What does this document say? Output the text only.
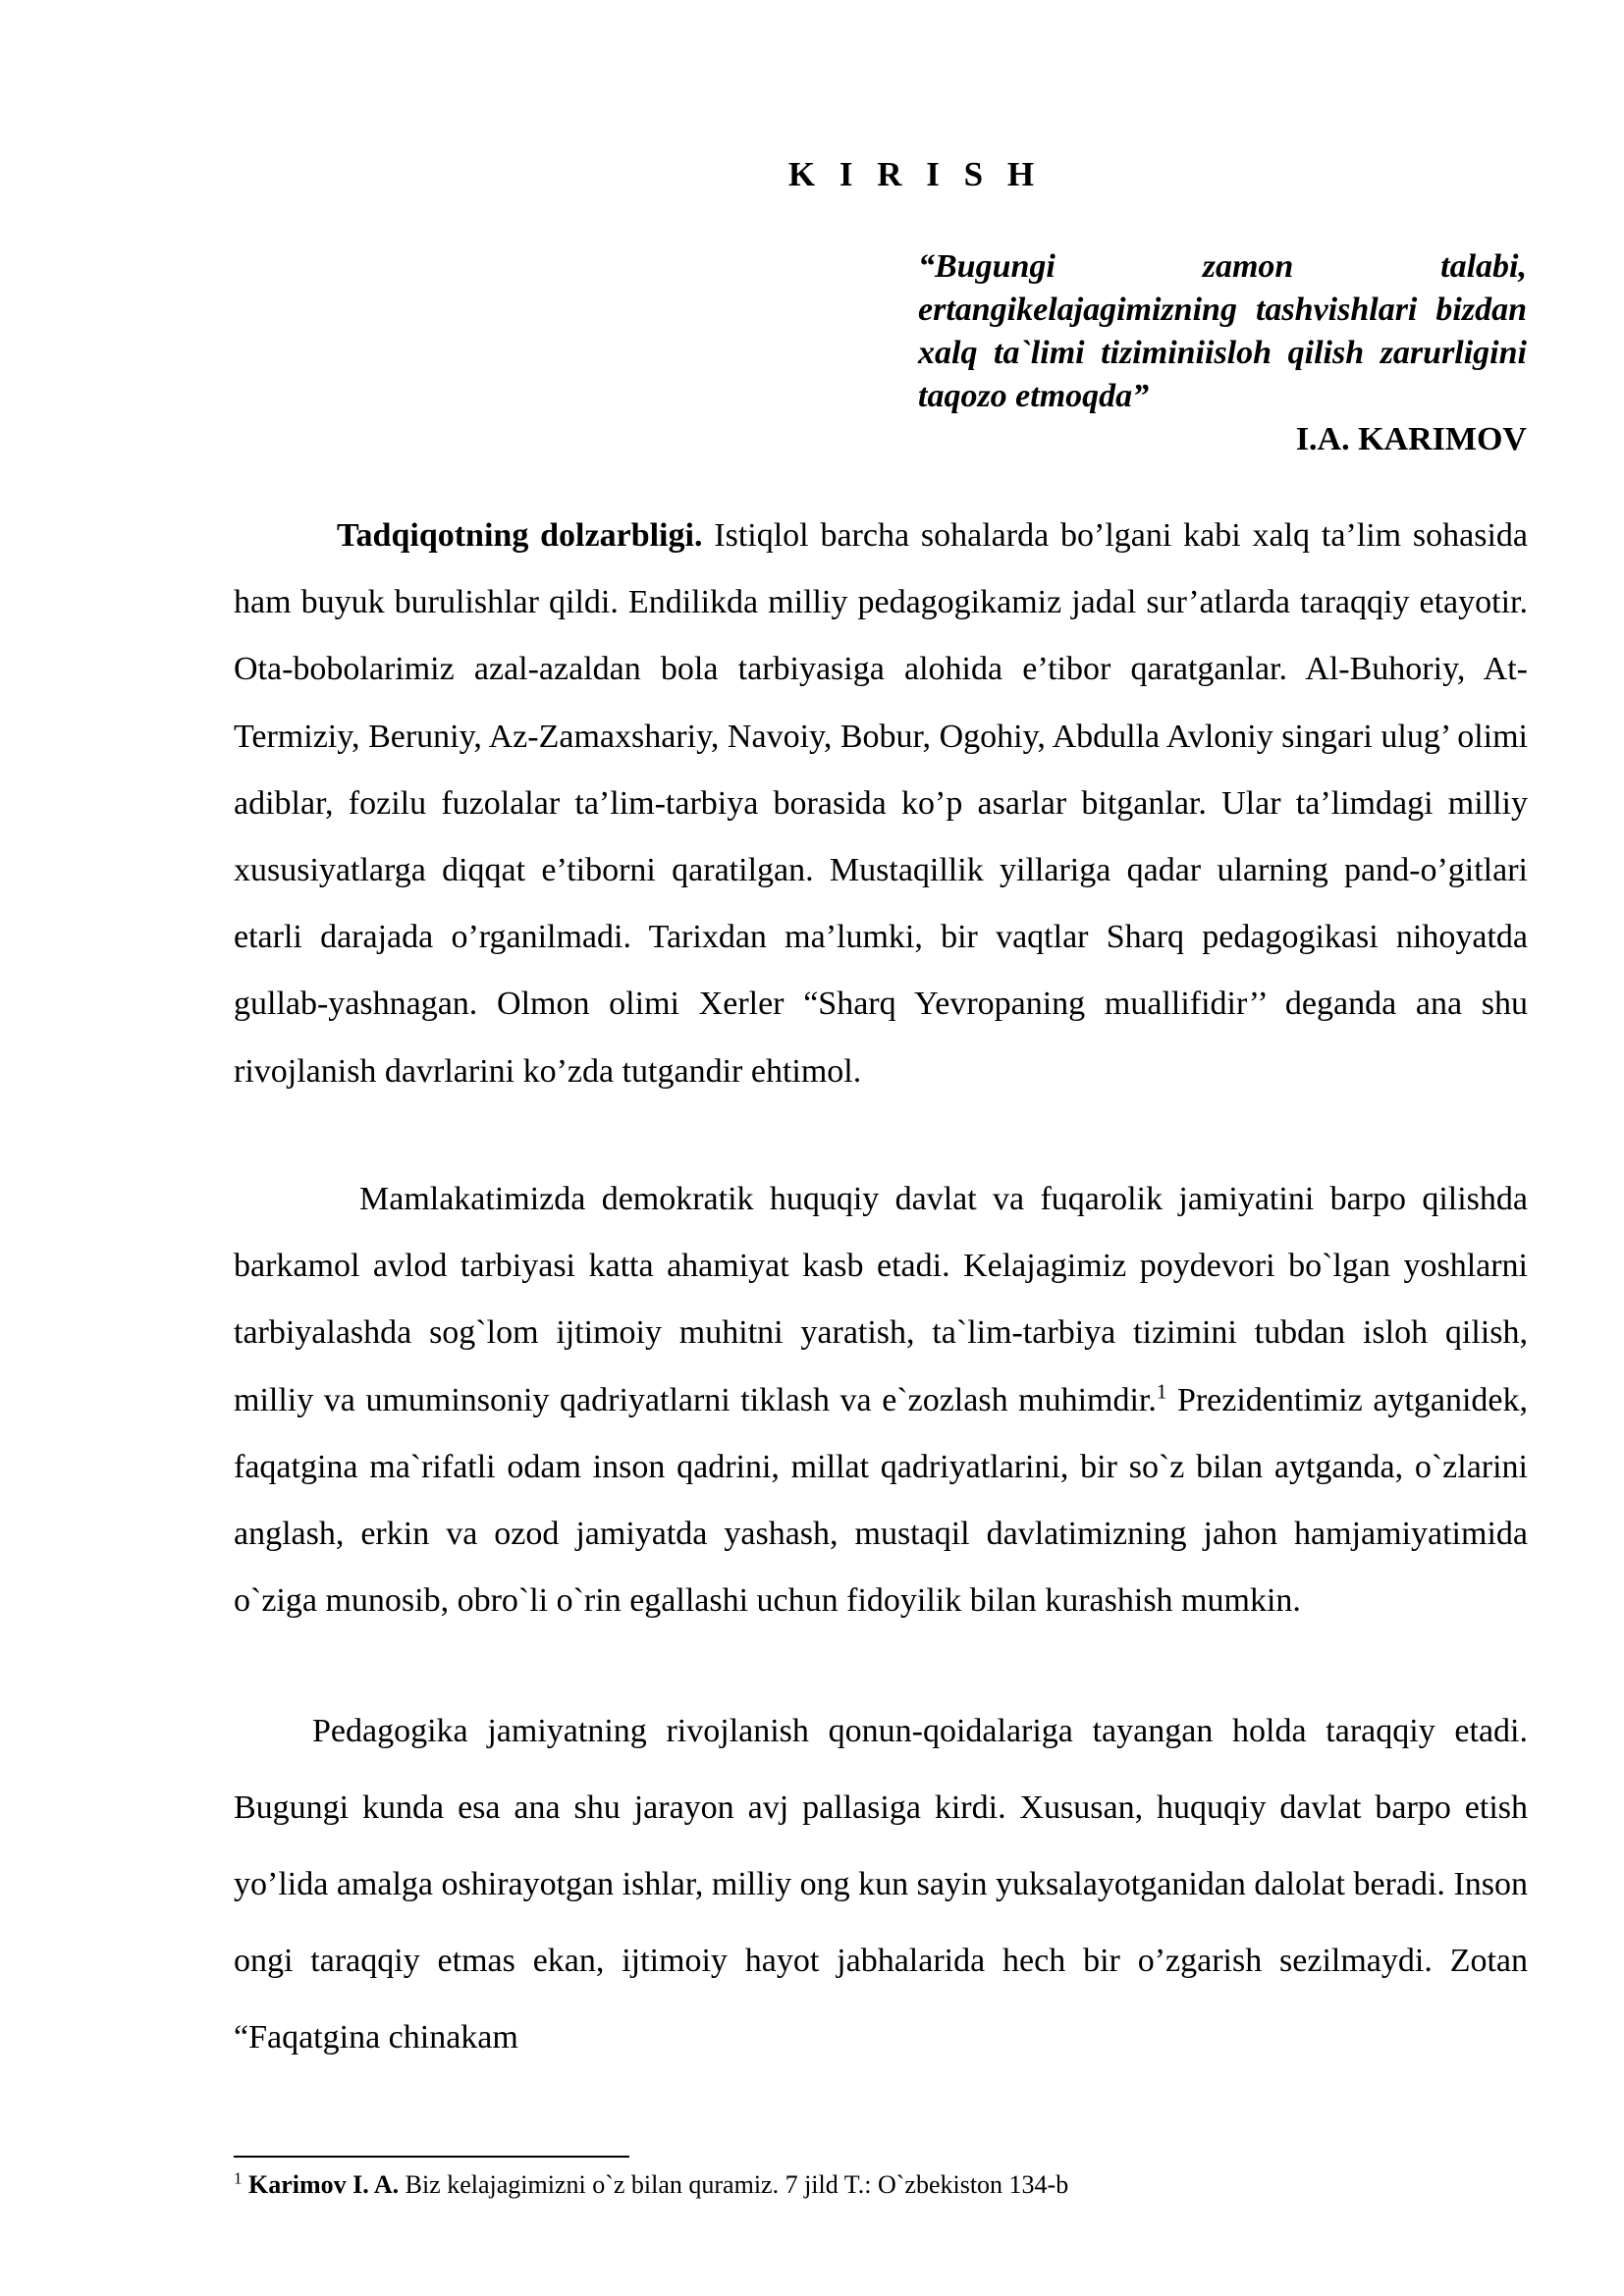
K I R I S H
“Bugungi zamon talabi, ertangikelajagimizning tashvishlari bizdan xalq ta`limi tiziminiisloh qilish zarurligini taqozo etmoqda”
I.A. KARIMOV
Tadqiqotning dolzarbligi. Istiqlol barcha sohalarda bo’lgani kabi xalq ta’lim sohasida ham buyuk burulishlar qildi. Endilikda milliy pedagogikamiz jadal sur’atlarda taraqqiy etayotir. Ota-bobolarimiz azal-azaldan bola tarbiyasiga alohida e’tibor qaratganlar. Al-Buhoriy, At-Termiziy, Beruniy, Az-Zamaxshariy, Navoiy, Bobur, Ogohiy, Abdulla Avloniy singari ulug’ olimi adiblar, fozilu fuzolalar ta’lim-tarbiya borasida ko’p asarlar bitganlar. Ular ta’limdagi milliy xususiyatlarga diqqat e’tiborni qaratilgan. Mustaqillik yillariga qadar ularning pand-o’gitlari etarli darajada o’rganilmadi. Tarixdan ma’lumki, bir vaqtlar Sharq pedagogikasi nihoyatda gullab-yashnagan. Olmon olimi Xerler “Sharq Yevropaning muallifidir’’ deganda ana shu rivojlanish davrlarini ko’zda tutgandir ehtimol.
Mamlakatimizda demokratik huquqiy davlat va fuqarolik jamiyatini barpo qilishda barkamol avlod tarbiyasi katta ahamiyat kasb etadi. Kelajagimiz poydevori bo`lgan yoshlarni tarbiyalashda sog`lom ijtimoiy muhitni yaratish, ta`lim-tarbiya tizimini tubdan isloh qilish, milliy va umuminsoniy qadriyatlarni tiklash va e`zozlash muhimdir.$^1$ Prezidentimiz aytganidek, faqatgina ma`rifatli odam inson qadrini, millat qadriyatlarini, bir so`z bilan aytganda, o`zlarini anglash, erkin va ozod jamiyatda yashash, mustaqil davlatimizning jahon hamjamiyatimida o`ziga munosib, obro`li o`rin egallashi uchun fidoyilik bilan kurashish mumkin.
Pedagogika jamiyatning rivojlanish qonun-qoidalariga tayangan holda taraqqiy etadi. Bugungi kunda esa ana shu jarayon avj pallasiga kirdi. Xususan, huquqiy davlat barpo etish yo’lida amalga oshirayotgan ishlar, milliy ong kun sayin yuksalayotganidan dalolat beradi. Inson ongi taraqqiy etmas ekan, ijtimoiy hayot jabhalarida hech bir o’zgarish sezilmaydi. Zotan “Faqatgina chinakam
$^1$ Karimov I. A. Biz kelajagimizni o`z bilan quramiz. 7 jild T.: O`zbekiston 134-b
